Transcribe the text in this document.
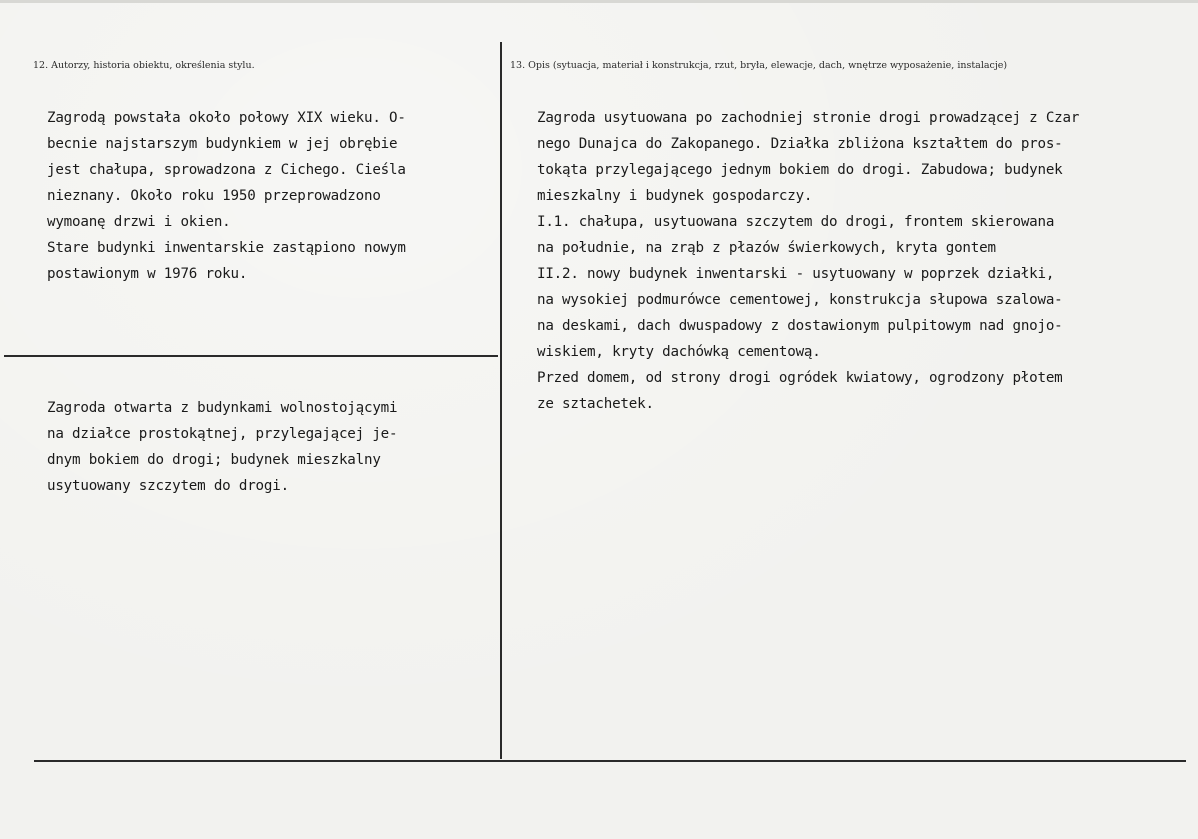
12. Autorzy, historia obiektu, określenia stylu.	13. Opis (sytuacja, materiał i konstrukcja, rzut, bryła, elewacje, dach, wnętrze wyposażenie, instalacje)
Zagrodą powstała około połowy XIX wieku. O-
becnie najstarszym budynkiem w jej obrębie
jest chałupa, sprowadzona z Cichego. Cieśla
nieznany. Około roku 1950 przeprowadzono
wymoanę drzwi i okien.
Stare budynki inwentarskie zastąpiono nowym
postawionym w 1976 roku.
Zagroda otwarta z budynkami wolnostojącymi
na działce prostokątnej, przylegającej je-
dnym bokiem do drogi; budynek mieszkalny
usytuowany szczytem do drogi.
Zagroda usytuowana po zachodniej stronie drogi prowadzącej z Czar
nego Dunajca do Zakopanego. Działka zbliżona kształtem do pros-
tokąta przylegającego jednym bokiem do drogi. Zabudowa; budynek
mieszkalny i budynek gospodarczy.
I.1. chałupa, usytuowana szczytem do drogi, frontem skierowana
na południe, na zrąb z płazów świerkowych, kryta gontem
II.2. nowy budynek inwentarski - usytuowany w poprzek działki,
na wysokiej podmurówce cementowej, konstrukcja słupowa szalowa-
na deskami, dach dwuspadowy z dostawionym pulpitowym nad gnojo-
wiskiem, kryty dachówką cementową.
Przed domem, od strony drogi ogródek kwiatowy, ogrodzony płotem
ze sztachetek.
